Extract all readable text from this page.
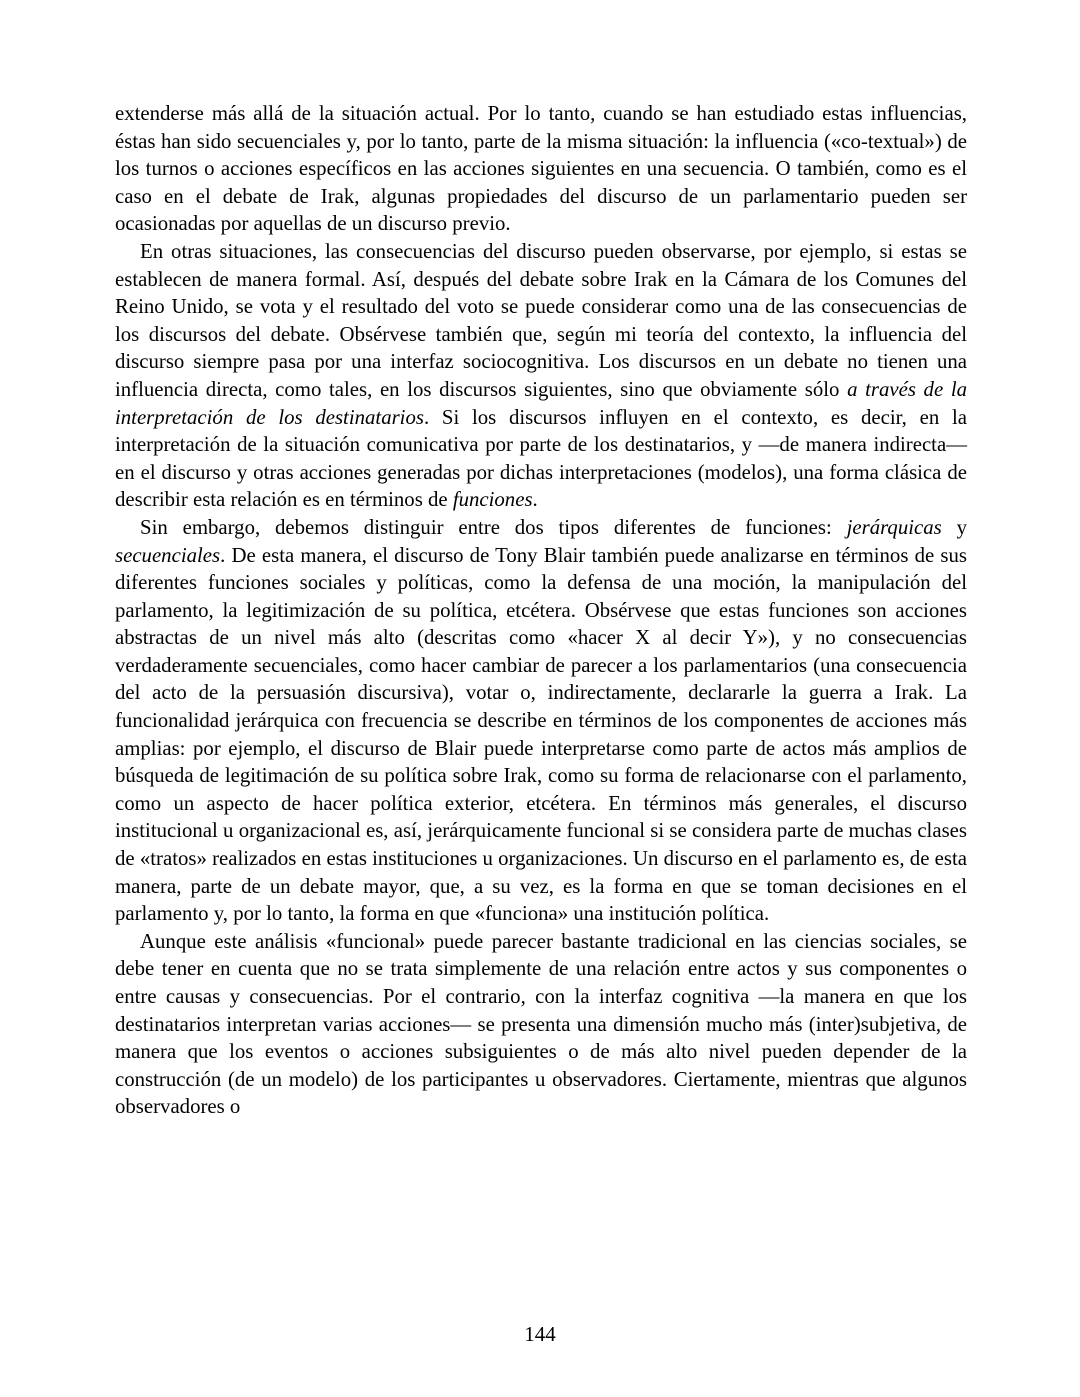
extenderse más allá de la situación actual. Por lo tanto, cuando se han estudiado estas influencias, éstas han sido secuenciales y, por lo tanto, parte de la misma situación: la influencia («co-textual») de los turnos o acciones específicos en las acciones siguientes en una secuencia. O también, como es el caso en el debate de Irak, algunas propiedades del discurso de un parlamentario pueden ser ocasionadas por aquellas de un discurso previo.

En otras situaciones, las consecuencias del discurso pueden observarse, por ejemplo, si estas se establecen de manera formal. Así, después del debate sobre Irak en la Cámara de los Comunes del Reino Unido, se vota y el resultado del voto se puede considerar como una de las consecuencias de los discursos del debate. Obsérvese también que, según mi teoría del contexto, la influencia del discurso siempre pasa por una interfaz sociocognitiva. Los discursos en un debate no tienen una influencia directa, como tales, en los discursos siguientes, sino que obviamente sólo a través de la interpretación de los destinatarios. Si los discursos influyen en el contexto, es decir, en la interpretación de la situación comunicativa por parte de los destinatarios, y —de manera indirecta— en el discurso y otras acciones generadas por dichas interpretaciones (modelos), una forma clásica de describir esta relación es en términos de funciones.

Sin embargo, debemos distinguir entre dos tipos diferentes de funciones: jerárquicas y secuenciales. De esta manera, el discurso de Tony Blair también puede analizarse en términos de sus diferentes funciones sociales y políticas, como la defensa de una moción, la manipulación del parlamento, la legitimización de su política, etcétera. Obsérvese que estas funciones son acciones abstractas de un nivel más alto (descritas como «hacer X al decir Y»), y no consecuencias verdaderamente secuenciales, como hacer cambiar de parecer a los parlamentarios (una consecuencia del acto de la persuasión discursiva), votar o, indirectamente, declararle la guerra a Irak. La funcionalidad jerárquica con frecuencia se describe en términos de los componentes de acciones más amplias: por ejemplo, el discurso de Blair puede interpretarse como parte de actos más amplios de búsqueda de legitimación de su política sobre Irak, como su forma de relacionarse con el parlamento, como un aspecto de hacer política exterior, etcétera. En términos más generales, el discurso institucional u organizacional es, así, jerárquicamente funcional si se considera parte de muchas clases de «tratos» realizados en estas instituciones u organizaciones. Un discurso en el parlamento es, de esta manera, parte de un debate mayor, que, a su vez, es la forma en que se toman decisiones en el parlamento y, por lo tanto, la forma en que «funciona» una institución política.

Aunque este análisis «funcional» puede parecer bastante tradicional en las ciencias sociales, se debe tener en cuenta que no se trata simplemente de una relación entre actos y sus componentes o entre causas y consecuencias. Por el contrario, con la interfaz cognitiva —la manera en que los destinatarios interpretan varias acciones— se presenta una dimensión mucho más (inter)subjetiva, de manera que los eventos o acciones subsiguientes o de más alto nivel pueden depender de la construcción (de un modelo) de los participantes u observadores. Ciertamente, mientras que algunos observadores o

144
